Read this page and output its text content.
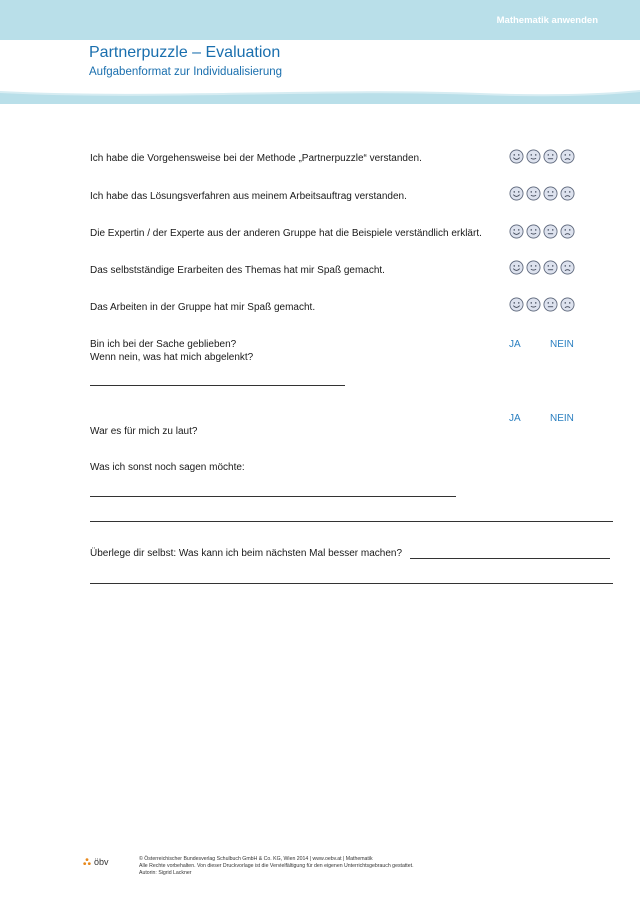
Mathematik anwenden
Partnerpuzzle – Evaluation
Aufgabenformat zur Individualisierung
Ich habe die Vorgehensweise bei der Methode „Partnerpuzzle“ verstanden.
Ich habe das Lösungsverfahren aus meinem Arbeitsauftrag verstanden.
Die Expertin / der Experte aus der anderen Gruppe hat die Beispiele verständlich erklärt.
Das selbstständige Erarbeiten des Themas hat mir Spaß gemacht.
Das Arbeiten in der Gruppe hat mir Spaß gemacht.
Bin ich bei der Sache geblieben?
Wenn nein, was hat mich abgelenkt?
JA	NEIN
JA	NEIN
War es für mich zu laut?
Was ich sonst noch sagen möchte:
Überlege dir selbst: Was kann ich beim nächsten Mal besser machen?
öbv	© Österreichischer Bundesverlag Schulbuch GmbH & Co. KG, Wien 2014 | www.oebv.at | Mathematik
Alle Rechte vorbehalten. Von dieser Druckvorlage ist die Vervielfältigung für den eigenen Unterrichtsgebrauch gestattet.
Autorin: Sigrid Lackner
